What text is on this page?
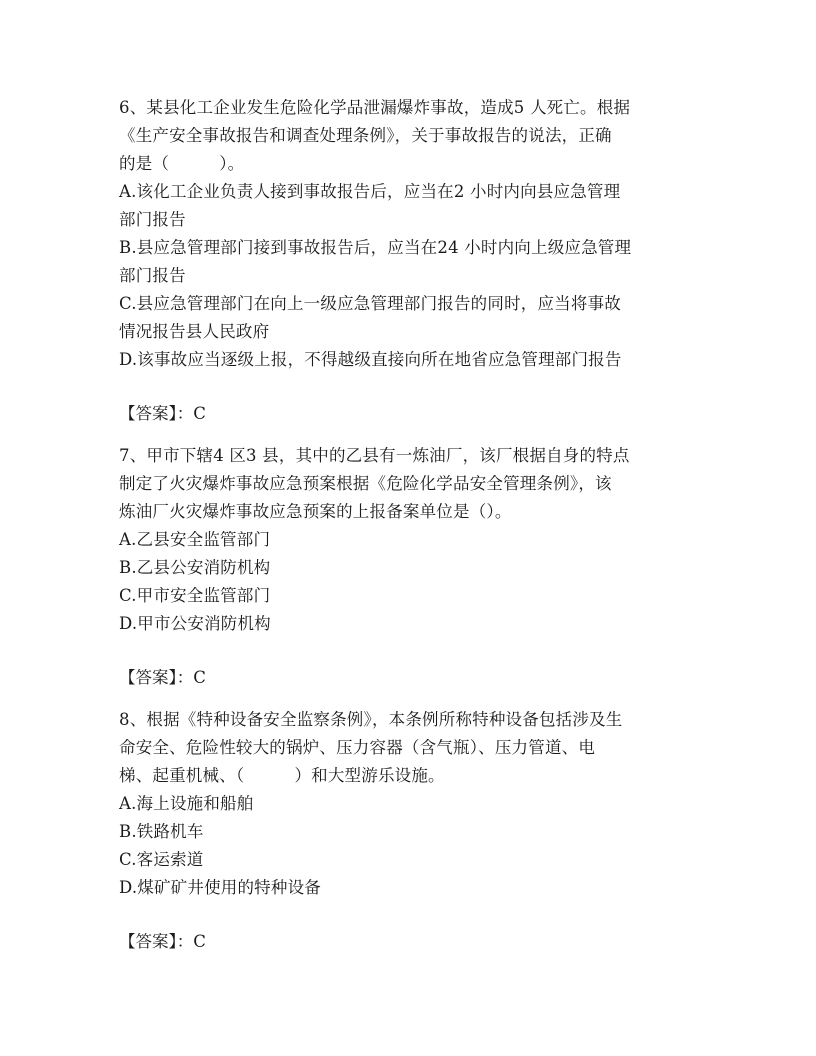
6、某县化工企业发生危险化学品泄漏爆炸事故，造成5 人死亡。根据
《生产安全事故报告和调查处理条例》，关于事故报告的说法，正确
的是（　　　）。
A.该化工企业负责人接到事故报告后，应当在2 小时内向县应急管理
部门报告
B.县应急管理部门接到事故报告后，应当在24 小时内向上级应急管理
部门报告
C.县应急管理部门在向上一级应急管理部门报告的同时，应当将事故
情况报告县人民政府
D.该事故应当逐级上报，不得越级直接向所在地省应急管理部门报告
【答案】：C
7、甲市下辖4 区3 县，其中的乙县有一炼油厂，该厂根据自身的特点
制定了火灾爆炸事故应急预案根据《危险化学品安全管理条例》，该
炼油厂火灾爆炸事故应急预案的上报备案单位是（）。
A.乙县安全监管部门
B.乙县公安消防机构
C.甲市安全监管部门
D.甲市公安消防机构
【答案】：C
8、根据《特种设备安全监察条例》，本条例所称特种设备包括涉及生
命安全、危险性较大的锅炉、压力容器（含气瓶）、压力管道、电
梯、起重机械、（　　　）和大型游乐设施。
A.海上设施和船舶
B.铁路机车
C.客运索道
D.煤矿矿井使用的特种设备
【答案】：C
